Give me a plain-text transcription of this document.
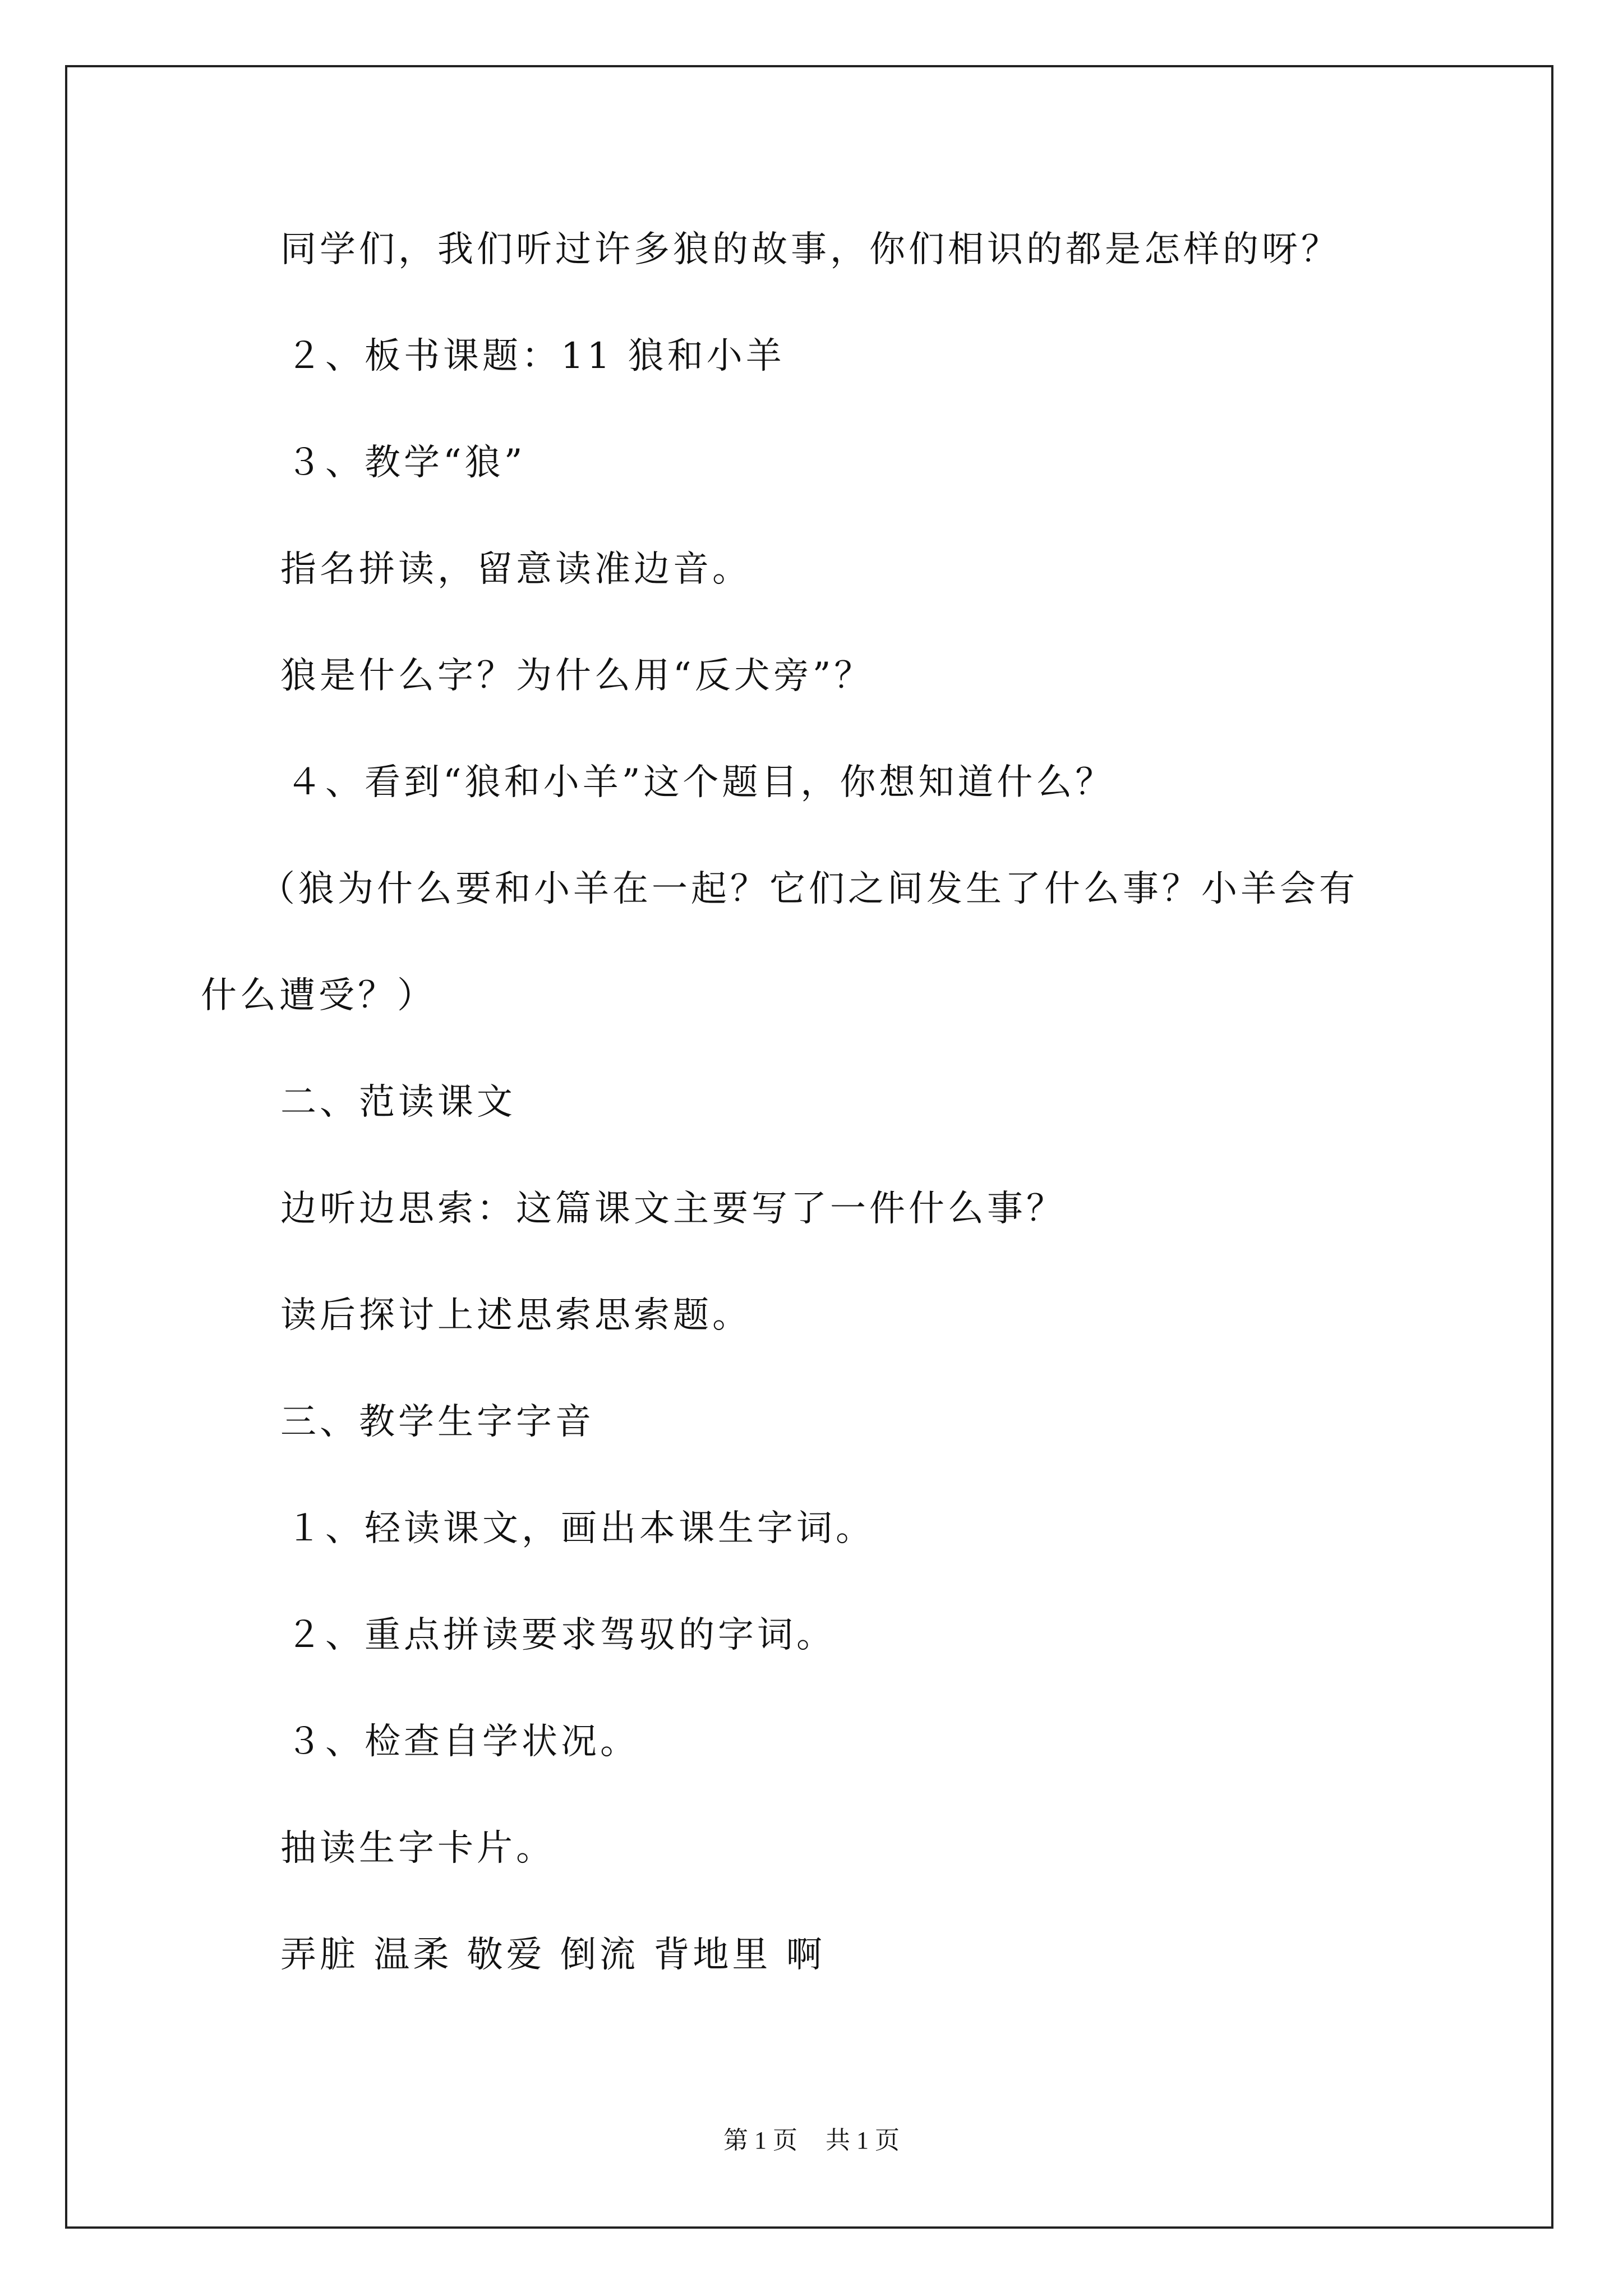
同学们，我们听过许多狼的故事，你们相识的都是怎样的呀？
２、板书课题：11 狼和小羊
３、教学“狼”
指名拼读，留意读准边音。
狼是什么字？为什么用“反犬旁”？
４、看到“狼和小羊”这个题目，你想知道什么？
（狼为什么要和小羊在一起？它们之间发生了什么事？小羊会有
什么遭受？）
二、范读课文
边听边思索：这篇课文主要写了一件什么事？
读后探讨上述思索思索题。
三、教学生字字音
１、轻读课文，画出本课生字词。
２、重点拼读要求驾驭的字词。
３、检查自学状况。
抽读生字卡片。
弄脏 温柔 敬爱 倒流 背地里 啊
第 1 页 共 1 页
